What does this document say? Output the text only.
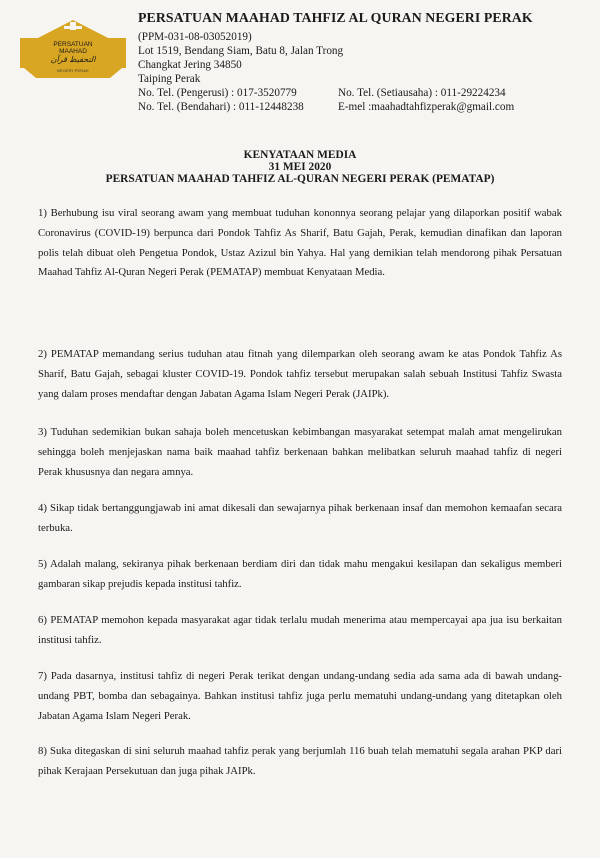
PERSATUAN
MAAHAD
التحفيظ قرآن
NEGERI PERAK
PERSATUAN MAAHAD TAHFIZ AL QURAN NEGERI PERAK
(PPM-031-08-03052019)
Lot 1519, Bendang Siam, Batu 8, Jalan Trong
Changkat Jering 34850
Taiping Perak
No. Tel. (Pengerusi) : 017-3520779	No. Tel. (Setiausaha) : 011-29224234
No. Tel. (Bendahari) : 011-12448238	E-mel :maahadtahfizperak@gmail.com
KENYATAAN MEDIA
31 MEI 2020
PERSATUAN MAAHAD TAHFIZ AL-QURAN NEGERI PERAK (PEMATAP)

1) Berhubung isu viral seorang awam yang membuat tuduhan kononnya seorang pelajar yang dilaporkan positif wabak Coronavirus (COVID-19) berpunca dari Pondok Tahfiz As Sharif, Batu Gajah, Perak, kemudian dinafikan dan laporan polis telah dibuat oleh Pengetua Pondok, Ustaz Azizul bin Yahya. Hal yang demikian telah mendorong pihak Persatuan Maahad Tahfiz Al-Quran Negeri Perak (PEMATAP) membuat Kenyataan Media.

2) PEMATAP memandang serius tuduhan atau fitnah yang dilemparkan oleh seorang awam ke atas Pondok Tahfiz As Sharif, Batu Gajah, sebagai kluster COVID-19. Pondok tahfiz tersebut merupakan salah sebuah Institusi Tahfiz Swasta yang dalam proses mendaftar dengan Jabatan Agama Islam Negeri Perak (JAIPk).

3) Tuduhan sedemikian bukan sahaja boleh mencetuskan kebimbangan masyarakat setempat malah amat mengelirukan sehingga boleh menjejaskan nama baik maahad tahfiz berkenaan bahkan melibatkan seluruh maahad tahfiz di negeri Perak khususnya dan negara amnya.

4) Sikap tidak bertanggungjawab ini amat dikesali dan sewajarnya pihak berkenaan insaf dan memohon kemaafan secara terbuka.

5) Adalah malang, sekiranya pihak berkenaan berdiam diri dan tidak mahu mengakui kesilapan dan sekaligus memberi gambaran sikap prejudis kepada institusi tahfiz.

6) PEMATAP memohon kepada masyarakat agar tidak terlalu mudah menerima atau mempercayai apa jua isu berkaitan institusi tahfiz.

7) Pada dasarnya, institusi tahfiz di negeri Perak terikat dengan undang-undang sedia ada sama ada di bawah undang-undang PBT, bomba dan sebagainya. Bahkan institusi tahfiz juga perlu mematuhi undang-undang yang ditetapkan oleh Jabatan Agama Islam Negeri Perak.

8) Suka ditegaskan di sini seluruh maahad tahfiz perak yang berjumlah 116 buah telah mematuhi segala arahan PKP dari pihak Kerajaan Persekutuan dan juga pihak JAIPk.
